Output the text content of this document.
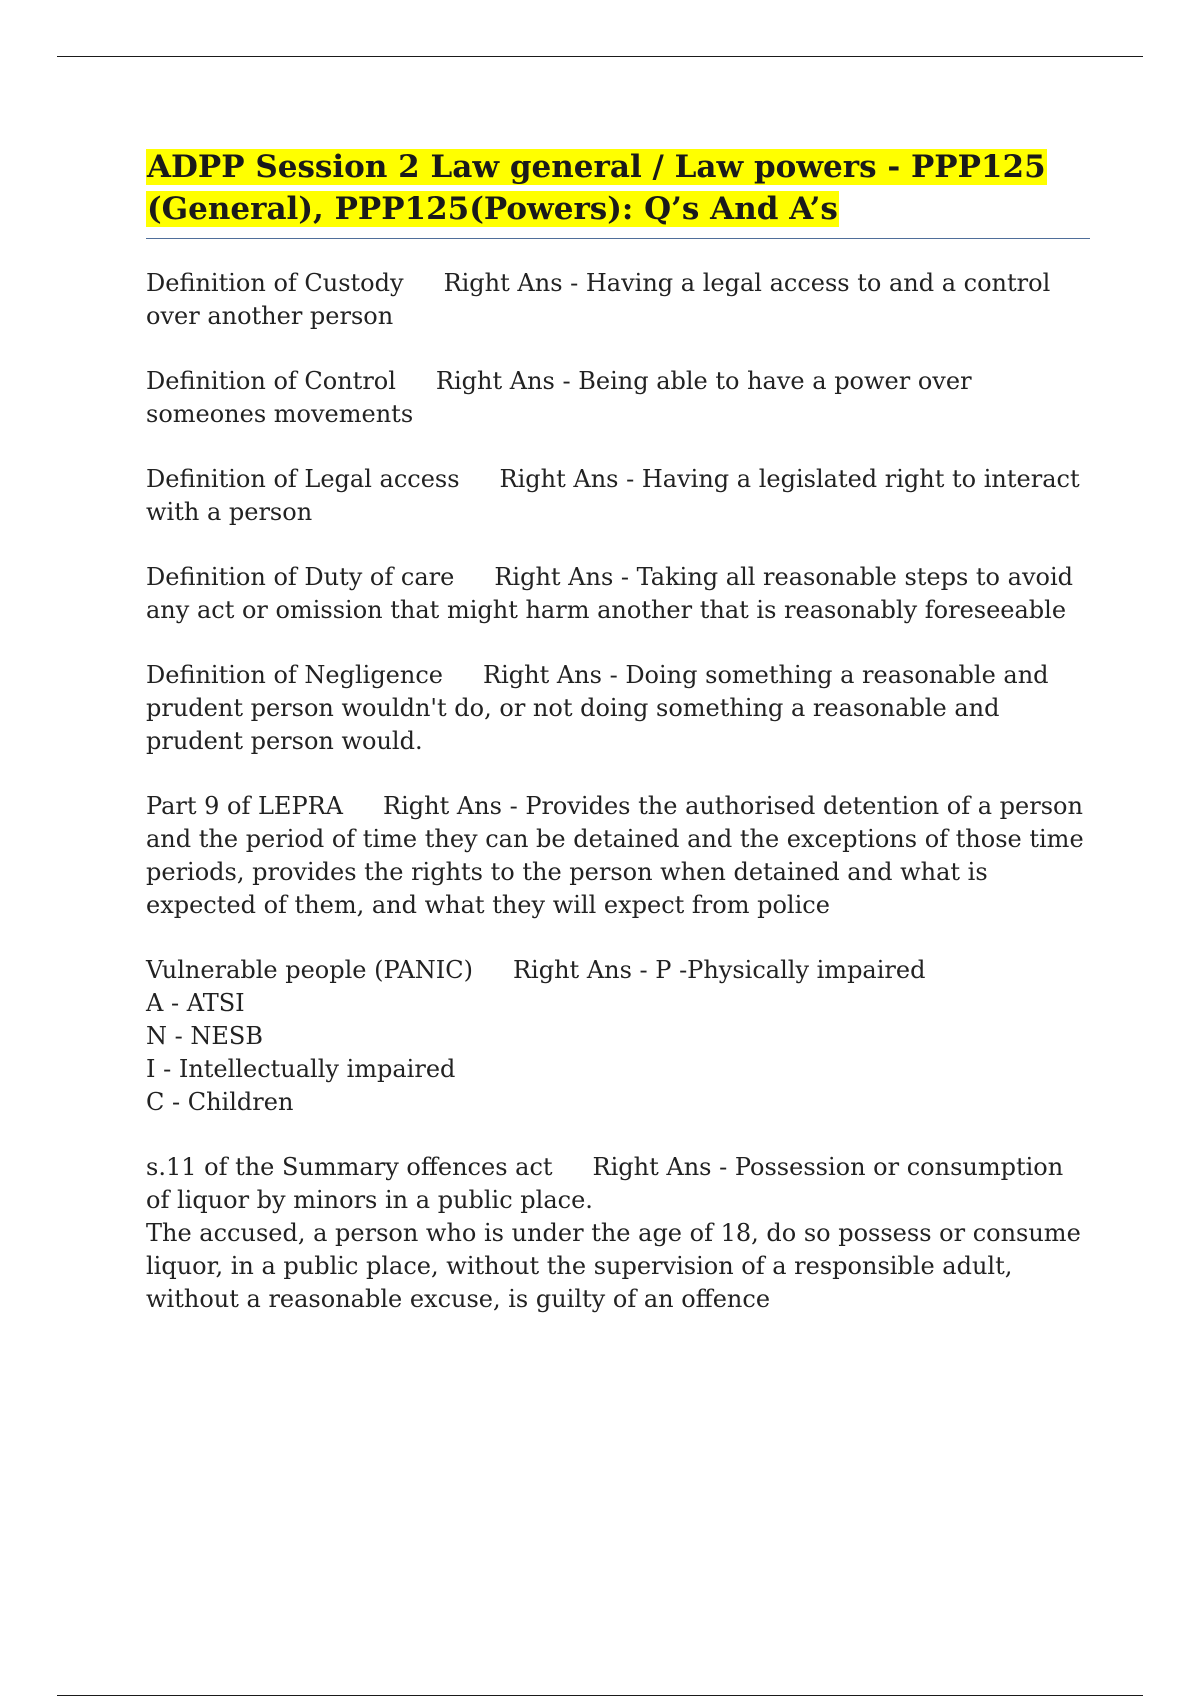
ADPP Session 2 Law general / Law powers - PPP125 (General), PPP125(Powers): Q’s And A’s

Definition of Custody Right Ans - Having a legal access to and a control over another person

Definition of Control Right Ans - Being able to have a power over someones movements

Definition of Legal access Right Ans - Having a legislated right to interact with a person

Definition of Duty of care Right Ans - Taking all reasonable steps to avoid any act or omission that might harm another that is reasonably foreseeable

Definition of Negligence Right Ans - Doing something a reasonable and prudent person wouldn't do, or not doing something a reasonable and prudent person would.

Part 9 of LEPRA Right Ans - Provides the authorised detention of a person and the period of time they can be detained and the exceptions of those time periods, provides the rights to the person when detained and what is expected of them, and what they will expect from police

Vulnerable people (PANIC) Right Ans - P -Physically impaired
A - ATSI
N - NESB
I - Intellectually impaired
C - Children

s.11 of the Summary offences act Right Ans - Possession or consumption of liquor by minors in a public place.
The accused, a person who is under the age of 18, do so possess or consume liquor, in a public place, without the supervision of a responsible adult, without a reasonable excuse, is guilty of an offence
